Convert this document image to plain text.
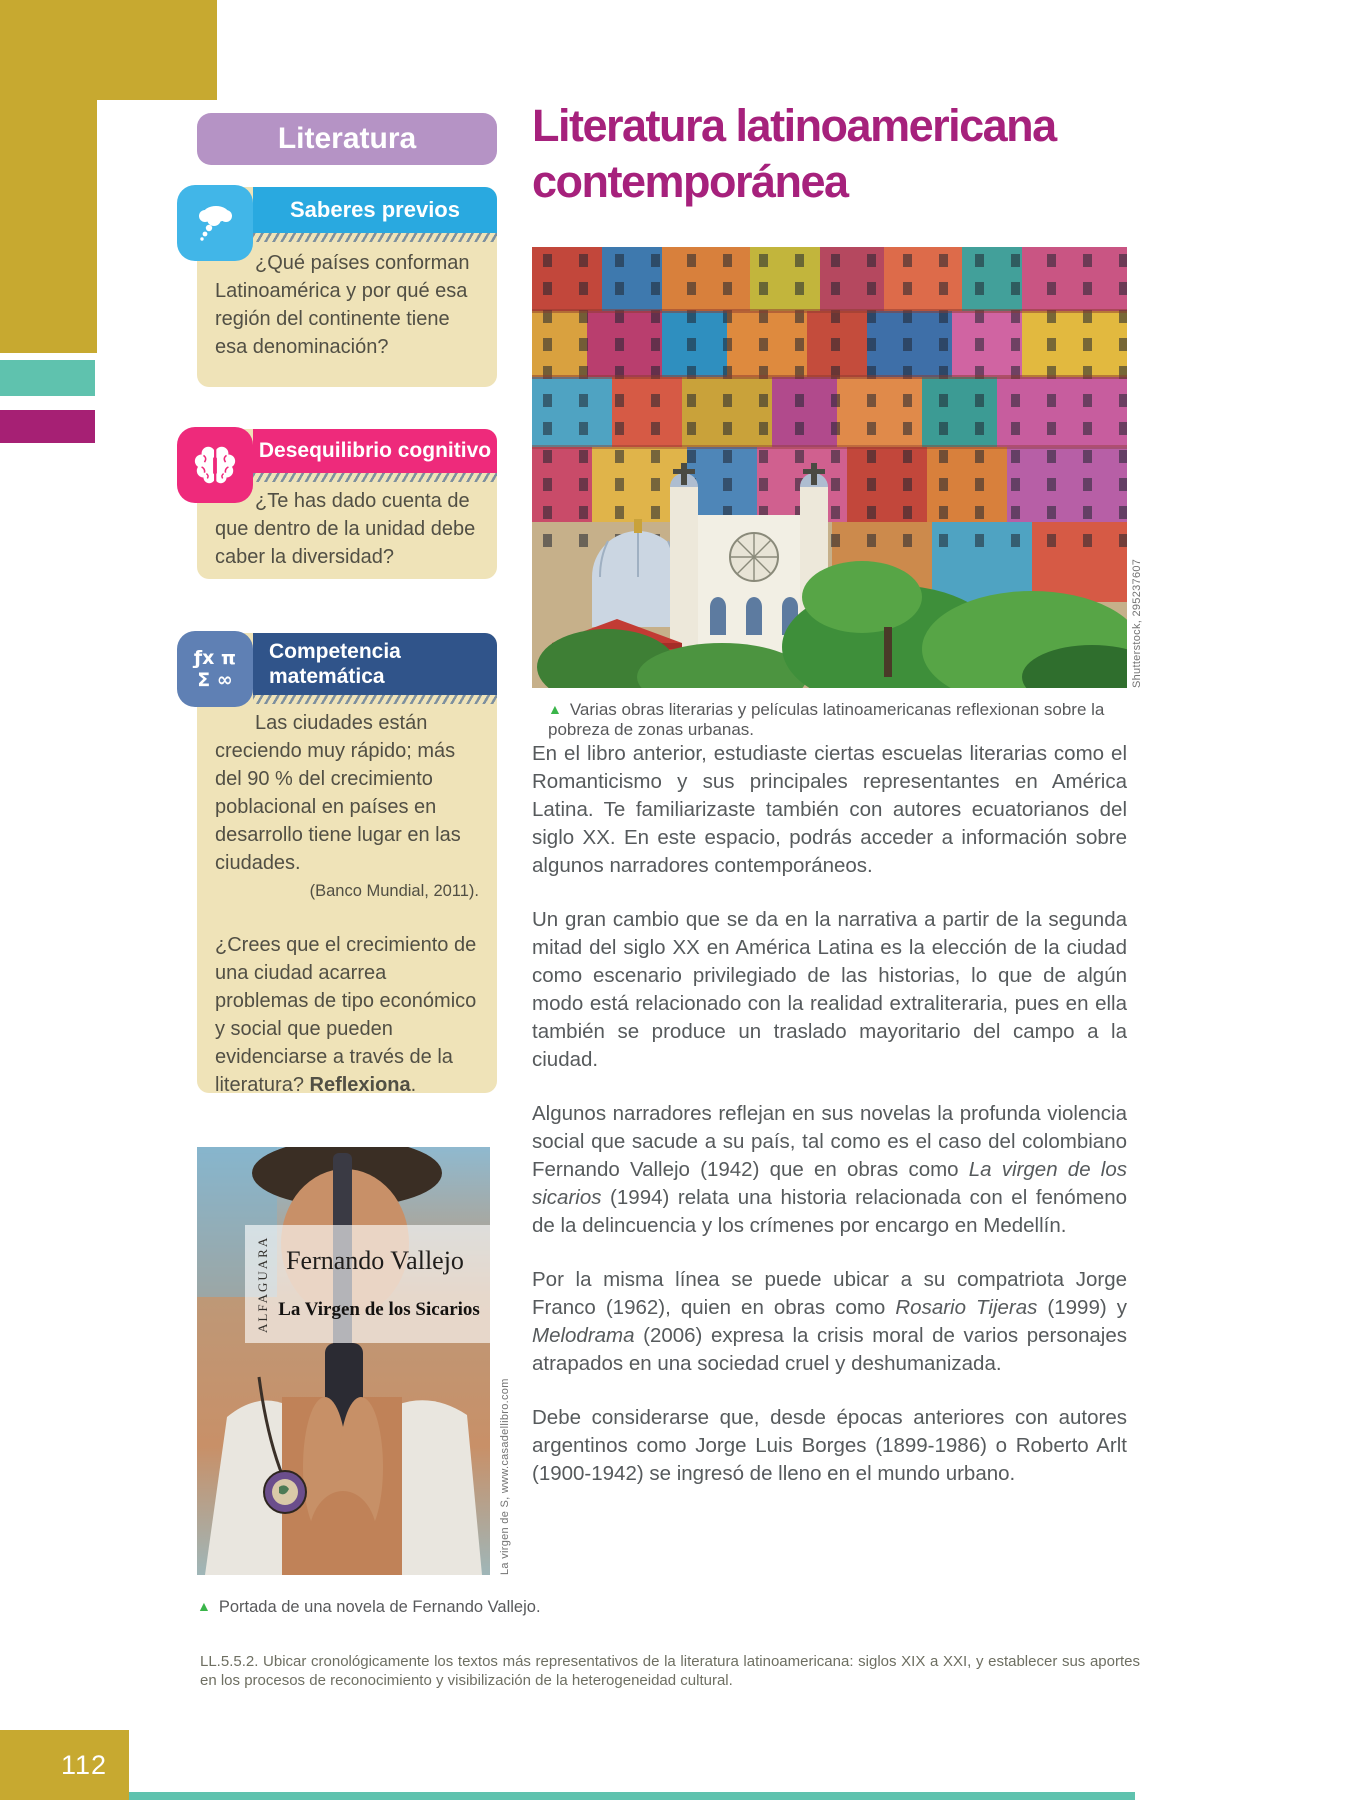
Literatura

¿Qué países conforman Latinoamérica y por qué esa región del continente tiene esa denominación?

Saberes previos

¿Te has dado cuenta de que dentro de la unidad debe caber la diversidad?

Desequilibrio cognitivo

Las ciudades están creciendo muy rápido; más del 90 % del crecimiento poblacional en países en desarrollo tiene lugar en las ciudades.

(Banco Mundial, 2011).

¿Crees que el crecimiento de una ciudad acarrea problemas de tipo económico y social que pueden evidenciarse a través de la literatura? Reflexiona.

Competencia
matemática
ƒx π
Σ ∞
ALFAGUARA Fernando Vallejo
La Virgen de los Sicarios
La virgen de S, www.casadellibro.com
▲ Portada de una novela de Fernando Vallejo.
Literatura latinoamericana
contemporánea
Shutterstock, 295237607
▲ Varias obras literarias y películas latinoamericanas reflexionan sobre la pobreza de zonas urbanas.

En el libro anterior, estudiaste ciertas escuelas literarias como el Romanticismo y sus principales representantes en América Latina. Te familiarizaste también con autores ecuatorianos del siglo XX. En este espacio, podrás acceder a información sobre algunos narradores contemporáneos.

Un gran cambio que se da en la narrativa a partir de la segunda mitad del siglo XX en América Latina es la elección de la ciudad como escenario privilegiado de las historias, lo que de algún modo está relacionado con la realidad extraliteraria, pues en ella también se produce un traslado mayoritario del campo a la ciudad.

Algunos narradores reflejan en sus novelas la profunda violencia social que sacude a su país, tal como es el caso del colombiano Fernando Vallejo (1942) que en obras como La virgen de los sicarios (1994) relata una historia relacionada con el fenómeno de la delincuencia y los crímenes por encargo en Medellín.

Por la misma línea se puede ubicar a su compatriota Jorge Franco (1962), quien en obras como Rosario Tijeras (1999) y Melodrama (2006) expresa la crisis moral de varios personajes atrapados en una sociedad cruel y deshumanizada.

Debe considerarse que, desde épocas anteriores con autores argentinos como Jorge Luis Borges (1899-1986) o Roberto Arlt (1900-1942) se ingresó de lleno en el mundo urbano.

LL.5.5.2. Ubicar cronológicamente los textos más representativos de la literatura latinoamericana: siglos XIX a XXI, y establecer sus aportes en los procesos de reconocimiento y visibilización de la heterogeneidad cultural.
112
